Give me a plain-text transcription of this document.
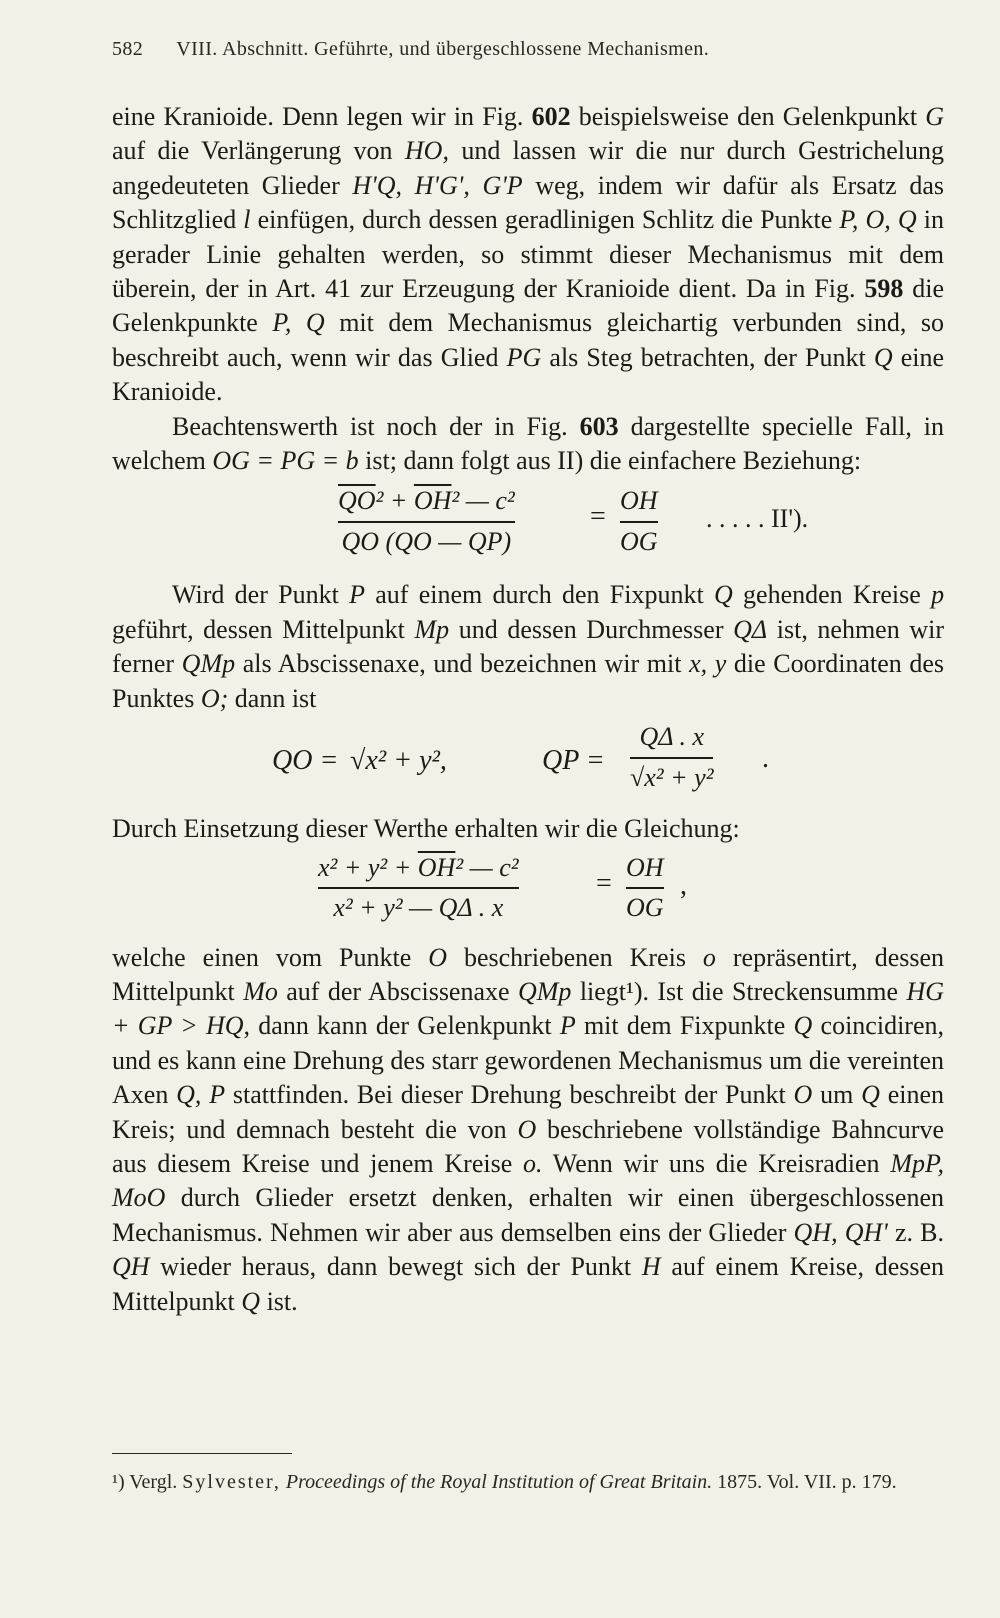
582 VIII. Abschnitt. Geführte, und übergeschlossene Mechanismen.

eine Kranioide. Denn legen wir in Fig. 602 beispielsweise den Gelenkpunkt G auf die Verlängerung von HO, und lassen wir die nur durch Gestrichelung angedeuteten Glieder H'Q, H'G', G'P weg, indem wir dafür als Ersatz das Schlitzglied l einfügen, durch dessen geradlinigen Schlitz die Punkte P, O, Q in gerader Linie gehalten werden, so stimmt dieser Mechanismus mit dem überein, der in Art. 41 zur Erzeugung der Kranioide dient. Da in Fig. 598 die Gelenkpunkte P, Q mit dem Mechanismus gleichartig verbunden sind, so beschreibt auch, wenn wir das Glied PG als Steg betrachten, der Punkt Q eine Kranioide.

Beachtenswerth ist noch der in Fig. 603 dargestellte specielle Fall, in welchem OG = PG = b ist; dann folgt aus II) die einfachere Beziehung:

$\overline{QO}^2 + \overline{OH}^2$ — c²
QO (QO — QP)
=
OH
OG
. . . . . II').

Wird der Punkt P auf einem durch den Fixpunkt Q gehenden Kreise p geführt, dessen Mittelpunkt Mp und dessen Durchmesser QΔ ist, nehmen wir ferner QMp als Abscissenaxe, und bezeichnen wir mit x, y die Coordinaten des Punktes O; dann ist

QO = √x² + y²,	QP =
QΔ . x
√x² + y²
.

Durch Einsetzung dieser Werthe erhalten wir die Gleichung:

$x^2 + y^2 + \overline{OH}^2$ — c²
x² + y² — QΔ . x
=
OH
OG
,

welche einen vom Punkte O beschriebenen Kreis o repräsentirt, dessen Mittelpunkt Mo auf der Abscissenaxe QMp liegt¹). Ist die Streckensumme HG + GP > HQ, dann kann der Gelenkpunkt P mit dem Fixpunkte Q coincidiren, und es kann eine Drehung des starr gewordenen Mechanismus um die vereinten Axen Q, P stattfinden. Bei dieser Drehung beschreibt der Punkt O um Q einen Kreis; und demnach besteht die von O beschriebene vollständige Bahncurve aus diesem Kreise und jenem Kreise o. Wenn wir uns die Kreisradien MpP, MoO durch Glieder ersetzt denken, erhalten wir einen übergeschlossenen Mechanismus. Nehmen wir aber aus demselben eins der Glieder QH, QH' z. B. QH wieder heraus, dann bewegt sich der Punkt H auf einem Kreise, dessen Mittelpunkt Q ist.

¹) Vergl. Sylvester, Proceedings of the Royal Institution of Great Britain. 1875. Vol. VII. p. 179.
